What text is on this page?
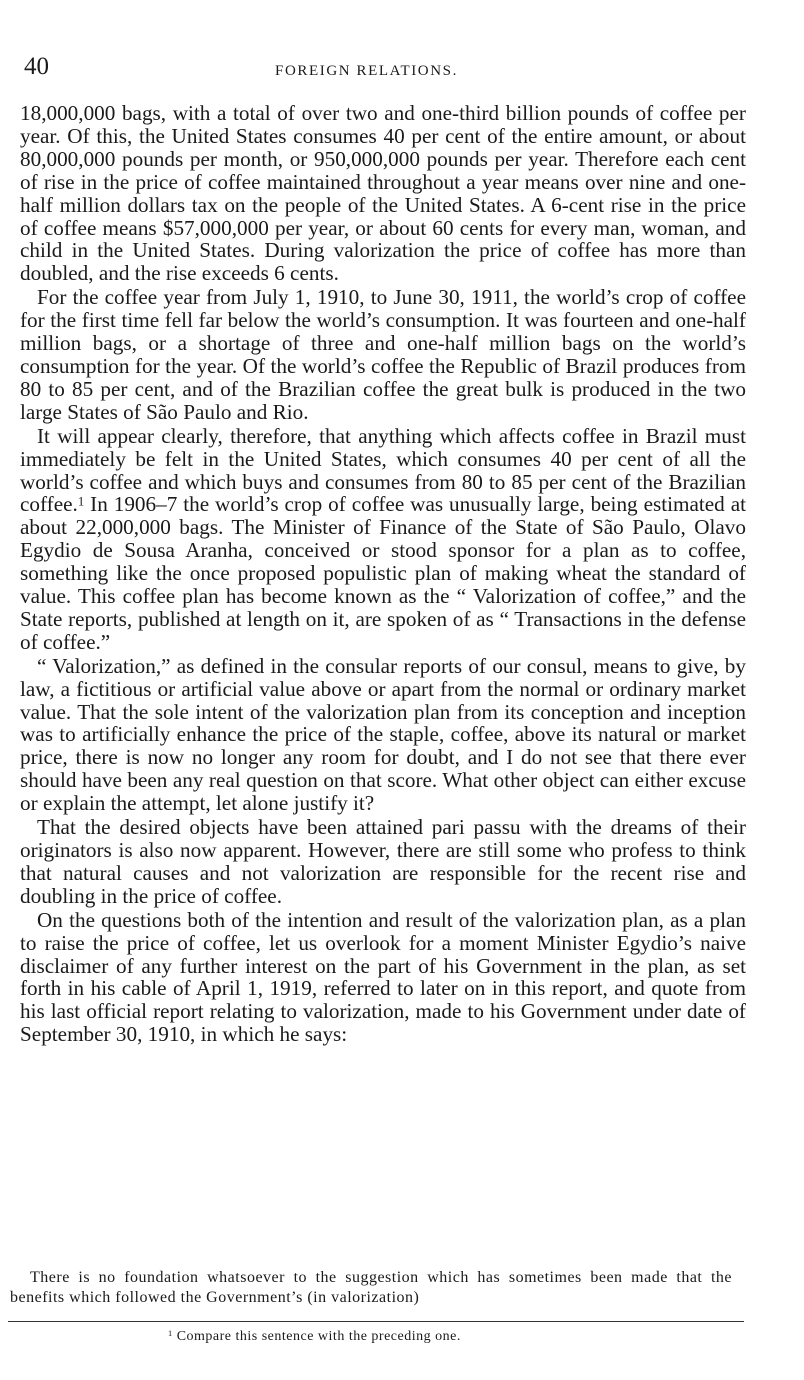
40	FOREIGN RELATIONS.

18,000,000 bags, with a total of over two and one-third billion pounds of coffee per year. Of this, the United States consumes 40 per cent of the entire amount, or about 80,000,000 pounds per month, or 950,000,000 pounds per year. Therefore each cent of rise in the price of coffee maintained throughout a year means over nine and one-half million dollars tax on the people of the United States. A 6-cent rise in the price of coffee means $57,000,000 per year, or about 60 cents for every man, woman, and child in the United States. During valorization the price of coffee has more than doubled, and the rise exceeds 6 cents.

For the coffee year from July 1, 1910, to June 30, 1911, the world’s crop of coffee for the first time fell far below the world’s consumption. It was fourteen and one-half million bags, or a shortage of three and one-half million bags on the world’s consumption for the year. Of the world’s coffee the Republic of Brazil produces from 80 to 85 per cent, and of the Brazilian coffee the great bulk is produced in the two large States of São Paulo and Rio.

It will appear clearly, therefore, that anything which affects coffee in Brazil must immediately be felt in the United States, which consumes 40 per cent of all the world’s coffee and which buys and consumes from 80 to 85 per cent of the Brazilian coffee.$^1$ In 1906–7 the world’s crop of coffee was unusually large, being estimated at about 22,000,000 bags. The Minister of Finance of the State of São Paulo, Olavo Egydio de Sousa Aranha, conceived or stood sponsor for a plan as to coffee, something like the once proposed populistic plan of making wheat the standard of value. This coffee plan has become known as the “ Valorization of coffee,” and the State reports, published at length on it, are spoken of as “ Transactions in the defense of coffee.”

“ Valorization,” as defined in the consular reports of our consul, means to give, by law, a fictitious or artificial value above or apart from the normal or ordinary market value. That the sole intent of the valorization plan from its conception and inception was to artificially enhance the price of the staple, coffee, above its natural or market price, there is now no longer any room for doubt, and I do not see that there ever should have been any real question on that score. What other object can either excuse or explain the attempt, let alone justify it?

That the desired objects have been attained pari passu with the dreams of their originators is also now apparent. However, there are still some who profess to think that natural causes and not valorization are responsible for the recent rise and doubling in the price of coffee.

On the questions both of the intention and result of the valorization plan, as a plan to raise the price of coffee, let us overlook for a moment Minister Egydio’s naive disclaimer of any further interest on the part of his Government in the plan, as set forth in his cable of April 1, 1919, referred to later on in this report, and quote from his last official report relating to valorization, made to his Government under date of September 30, 1910, in which he says:

There is no foundation whatsoever to the suggestion which has sometimes been made that the benefits which followed the Government’s (in valorization)

$^1$ Compare this sentence with the preceding one.
